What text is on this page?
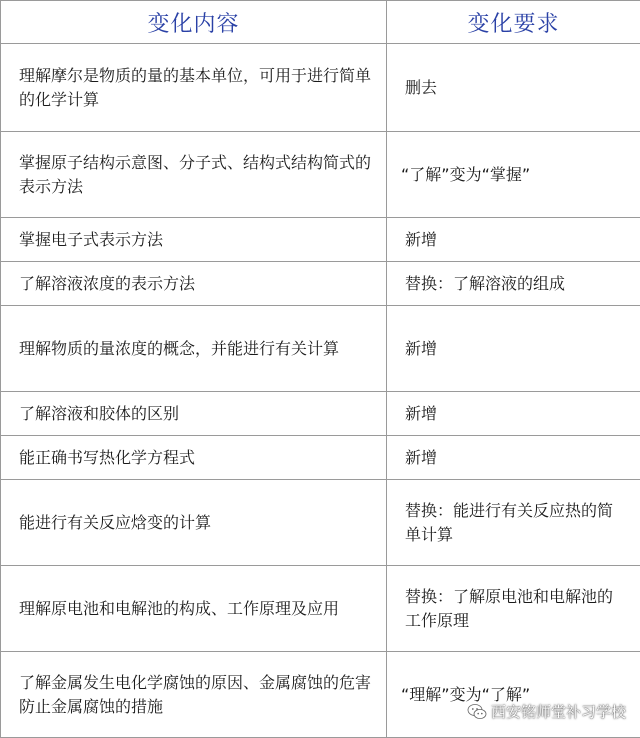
变化内容	变化要求
理解摩尔是物质的量的基本单位，可用于进行简单的化学计算	删去
掌握原子结构示意图、分子式、结构式结构简式的表示方法	“了解”变为“掌握”
掌握电子式表示方法	新增
了解溶液浓度的表示方法	替换：了解溶液的组成
理解物质的量浓度的概念，并能进行有关计算	新增
了解溶液和胶体的区别	新增
能正确书写热化学方程式	新增
能进行有关反应焓变的计算	替换：能进行有关反应热的简单计算
理解原电池和电解池的构成、工作原理及应用	替换：了解原电池和电解池的工作原理
了解金属发生电化学腐蚀的原因、金属腐蚀的危害防止金属腐蚀的措施	“理解”变为“了解”
西安铭师堂补习学校
